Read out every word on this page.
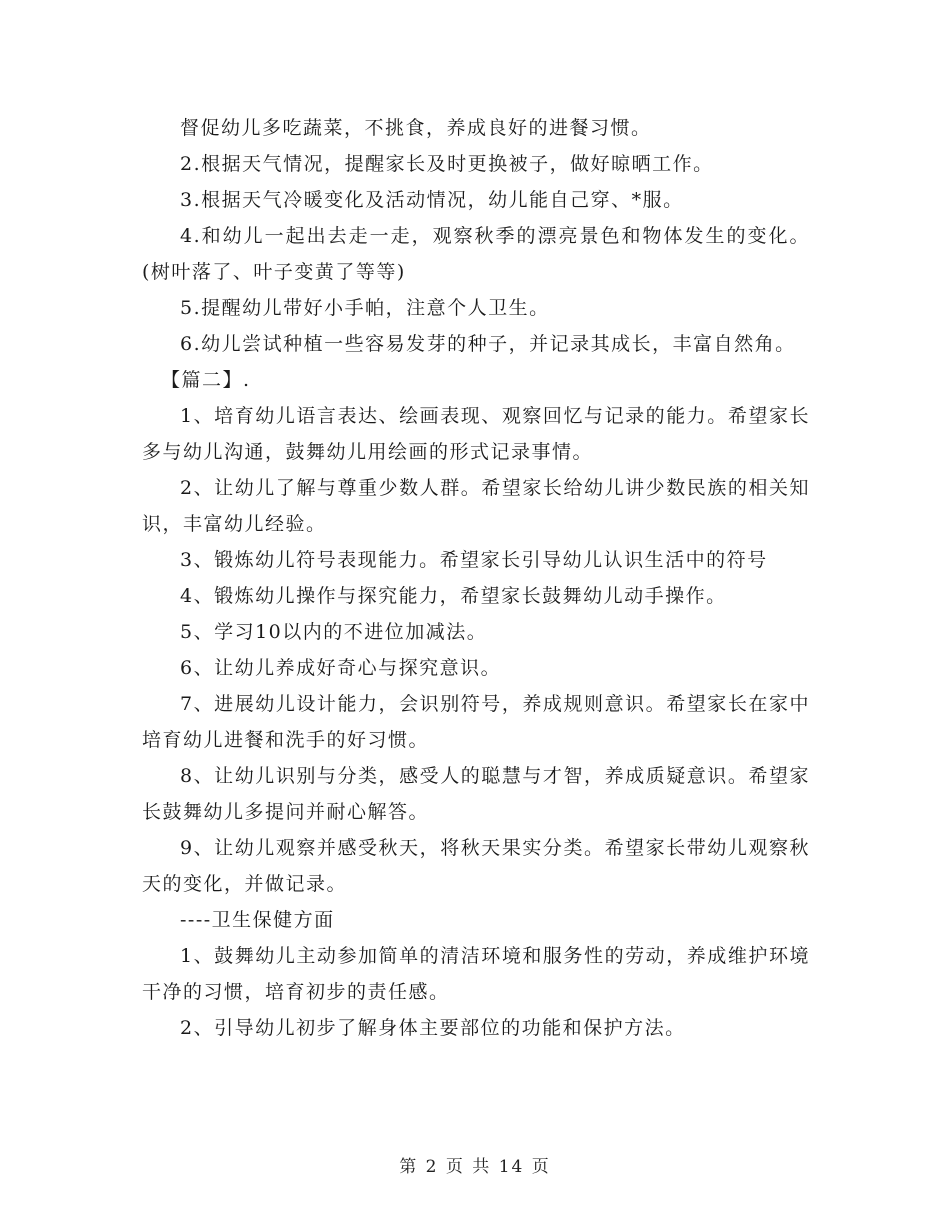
督促幼儿多吃蔬菜，不挑食，养成良好的进餐习惯。

2.根据天气情况，提醒家长及时更换被子，做好晾晒工作。

3.根据天气冷暖变化及活动情况，幼儿能自己穿、*服。

4.和幼儿一起出去走一走，观察秋季的漂亮景色和物体发生的变化。(树叶落了、叶子变黄了等等)

5.提醒幼儿带好小手帕，注意个人卫生。

6.幼儿尝试种植一些容易发芽的种子，并记录其成长，丰富自然角。

【篇二】.

1、培育幼儿语言表达、绘画表现、观察回忆与记录的能力。希望家长多与幼儿沟通，鼓舞幼儿用绘画的形式记录事情。

2、让幼儿了解与尊重少数人群。希望家长给幼儿讲少数民族的相关知识，丰富幼儿经验。

3、锻炼幼儿符号表现能力。希望家长引导幼儿认识生活中的符号

4、锻炼幼儿操作与探究能力，希望家长鼓舞幼儿动手操作。

5、学习10以内的不进位加减法。

6、让幼儿养成好奇心与探究意识。

7、进展幼儿设计能力，会识别符号，养成规则意识。希望家长在家中培育幼儿进餐和洗手的好习惯。

8、让幼儿识别与分类，感受人的聪慧与才智，养成质疑意识。希望家长鼓舞幼儿多提问并耐心解答。

9、让幼儿观察并感受秋天，将秋天果实分类。希望家长带幼儿观察秋天的变化，并做记录。

----卫生保健方面

1、鼓舞幼儿主动参加简单的清洁环境和服务性的劳动，养成维护环境干净的习惯，培育初步的责任感。

2、引导幼儿初步了解身体主要部位的功能和保护方法。

第 2 页 共 14 页
